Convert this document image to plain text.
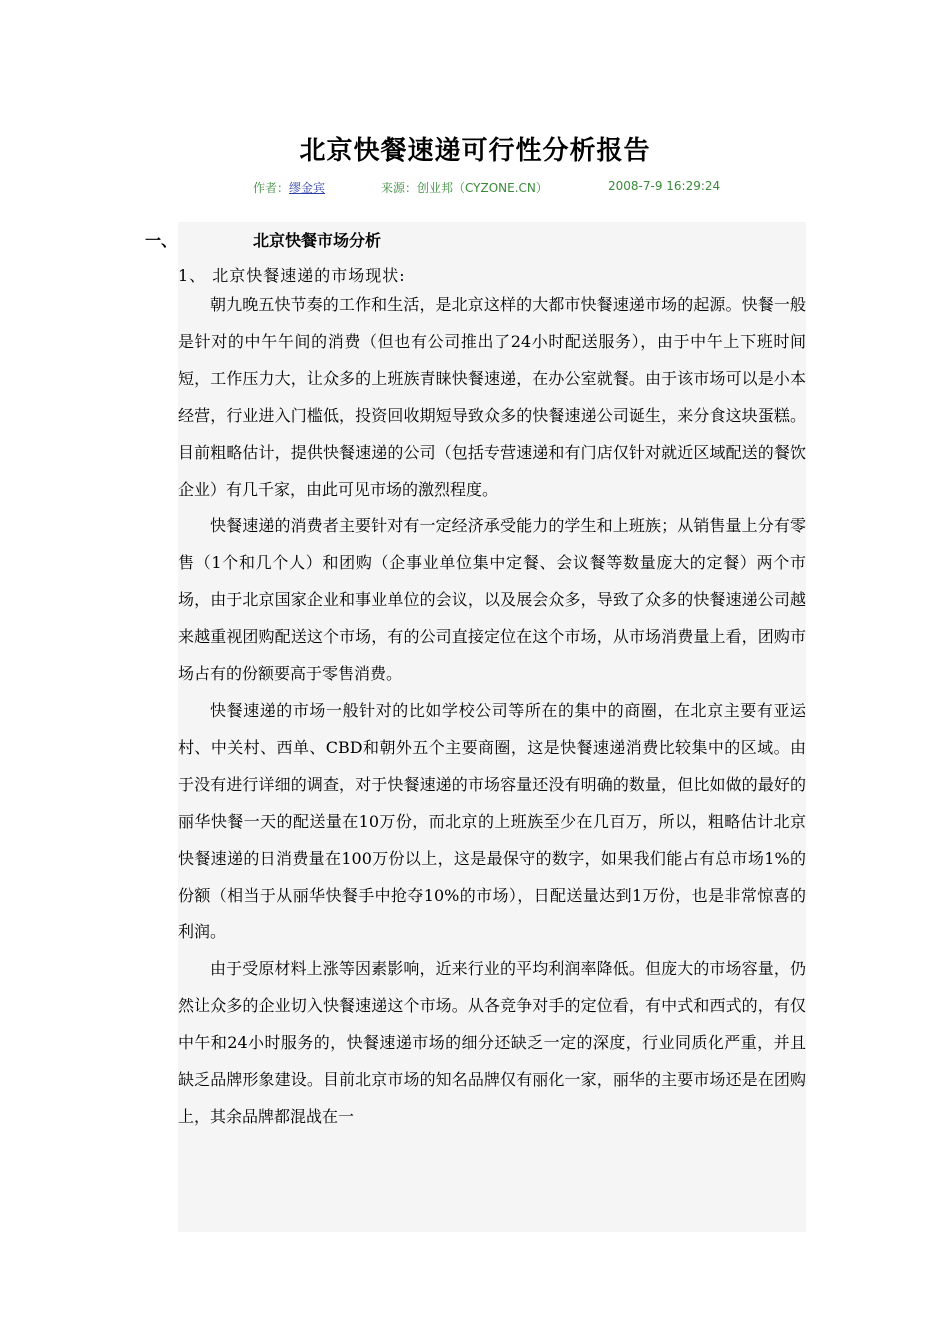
北京快餐速递可行性分析报告
作者：缪金宾	来源：创业邦（CYZONE.CN）	2008-7-9 16:29:24
一、	北京快餐市场分析
1、 北京快餐速递的市场现状:

朝九晚五快节奏的工作和生活，是北京这样的大都市快餐速递市场的起源。快餐一般是针对的中午午间的消费（但也有公司推出了24小时配送服务），由于中午上下班时间短，工作压力大，让众多的上班族青睐快餐速递，在办公室就餐。由于该市场可以是小本经营，行业进入门槛低，投资回收期短导致众多的快餐速递公司诞生，来分食这块蛋糕。目前粗略估计，提供快餐速递的公司（包括专营速递和有门店仅针对就近区域配送的餐饮企业）有几千家，由此可见市场的激烈程度。

快餐速递的消费者主要针对有一定经济承受能力的学生和上班族；从销售量上分有零售（1个和几个人）和团购（企事业单位集中定餐、会议餐等数量庞大的定餐）两个市场，由于北京国家企业和事业单位的会议，以及展会众多，导致了众多的快餐速递公司越来越重视团购配送这个市场，有的公司直接定位在这个市场，从市场消费量上看，团购市场占有的份额要高于零售消费。

快餐速递的市场一般针对的比如学校公司等所在的集中的商圈，在北京主要有亚运村、中关村、西单、CBD和朝外五个主要商圈，这是快餐速递消费比较集中的区域。由于没有进行详细的调查，对于快餐速递的市场容量还没有明确的数量，但比如做的最好的丽华快餐一天的配送量在10万份，而北京的上班族至少在几百万，所以，粗略估计北京快餐速递的日消费量在100万份以上，这是最保守的数字，如果我们能占有总市场1%的份额（相当于从丽华快餐手中抢夺10%的市场），日配送量达到1万份，也是非常惊喜的利润。

由于受原材料上涨等因素影响，近来行业的平均利润率降低。但庞大的市场容量，仍然让众多的企业切入快餐速递这个市场。从各竞争对手的定位看，有中式和西式的，有仅中午和24小时服务的，快餐速递市场的细分还缺乏一定的深度，行业同质化严重，并且缺乏品牌形象建设。目前北京市场的知名品牌仅有丽化一家，丽华的主要市场还是在团购上，其余品牌都混战在一
